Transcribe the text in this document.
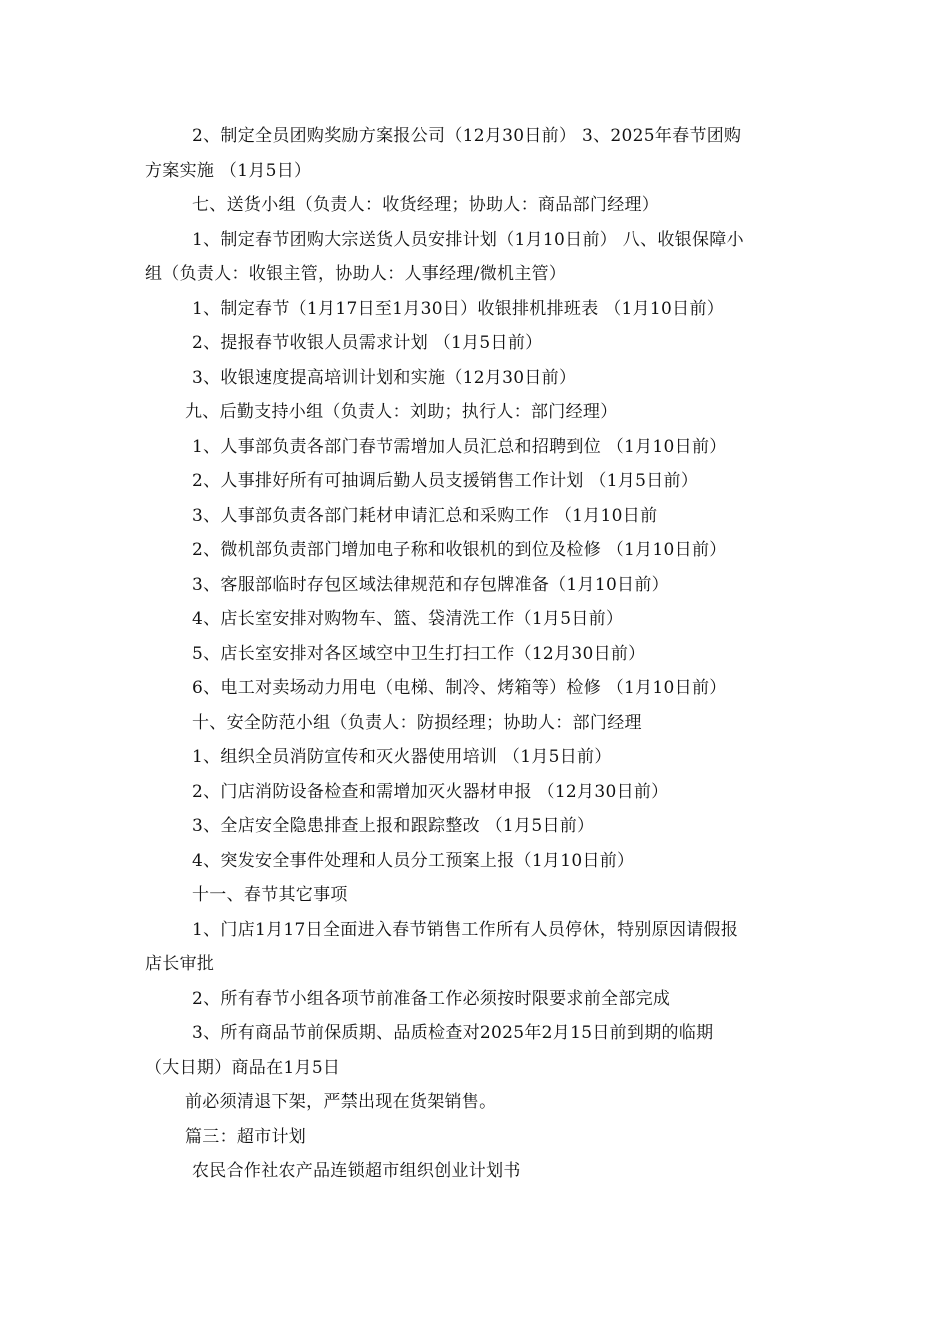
2、制定全员团购奖励方案报公司（12月30日前） 3、2025年春节团购
方案实施 （1月5日）
七、送货小组（负责人：收货经理；协助人：商品部门经理）
1、制定春节团购大宗送货人员安排计划（1月10日前） 八、收银保障小
组（负责人：收银主管，协助人：人事经理/微机主管）
1、制定春节（1月17日至1月30日）收银排机排班表 （1月10日前）
2、提报春节收银人员需求计划 （1月5日前）
3、收银速度提高培训计划和实施（12月30日前）
九、后勤支持小组（负责人：刘助；执行人：部门经理）
1、人事部负责各部门春节需增加人员汇总和招聘到位 （1月10日前）
2、人事排好所有可抽调后勤人员支援销售工作计划 （1月5日前）
3、人事部负责各部门耗材申请汇总和采购工作 （1月10日前
2、微机部负责部门增加电子称和收银机的到位及检修 （1月10日前）
3、客服部临时存包区域法律规范和存包牌准备（1月10日前）
4、店长室安排对购物车、篮、袋清洗工作（1月5日前）
5、店长室安排对各区域空中卫生打扫工作（12月30日前）
6、电工对卖场动力用电（电梯、制冷、烤箱等）检修 （1月10日前）
十、安全防范小组（负责人：防损经理；协助人：部门经理
1、组织全员消防宣传和灭火器使用培训 （1月5日前）
2、门店消防设备检查和需增加灭火器材申报 （12月30日前）
3、全店安全隐患排查上报和跟踪整改 （1月5日前）
4、突发安全事件处理和人员分工预案上报（1月10日前）
十一、春节其它事项
1、门店1月17日全面进入春节销售工作所有人员停休，特别原因请假报
店长审批
2、所有春节小组各项节前准备工作必须按时限要求前全部完成
3、所有商品节前保质期、品质检查对2025年2月15日前到期的临期
（大日期）商品在1月5日
前必须清退下架，严禁出现在货架销售。
篇三：超市计划
农民合作社农产品连锁超市组织创业计划书
